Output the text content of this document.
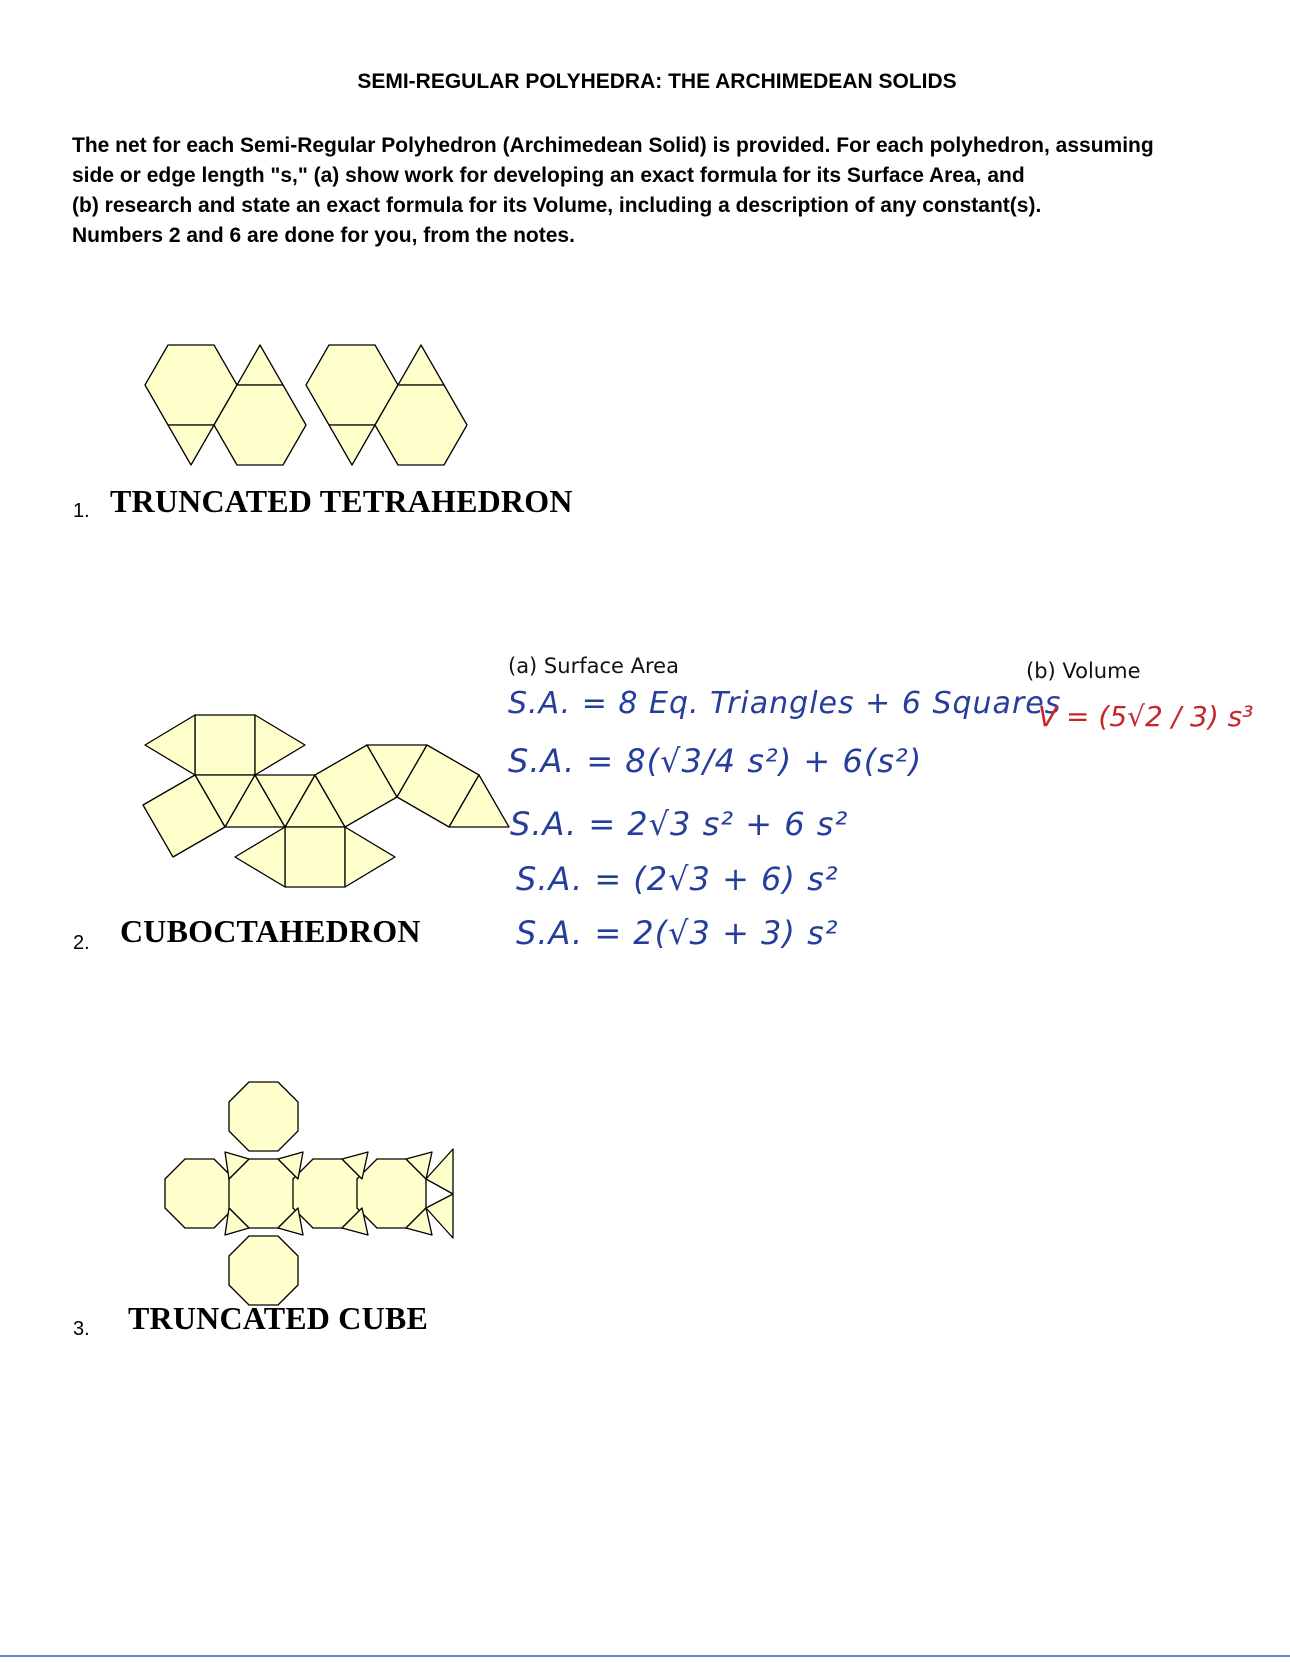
SEMI-REGULAR POLYHEDRA: THE ARCHIMEDEAN SOLIDS
The net for each Semi-Regular Polyhedron (Archimedean Solid) is provided. For each polyhedron, assuming
side or edge length "s," (a) show work for developing an exact formula for its Surface Area, and
(b) research and state an exact formula for its Volume, including a description of any constant(s).
Numbers 2 and 6 are done for you, from the notes.
1. TRUNCATED TETRAHEDRON
2. CUBOCTAHEDRON
(a) Surface Area	(b) Volume
S.A. = 8 Eq. Triangles + 6 Squares
S.A. = 8(√3/4 s²) + 6(s²)
S.A. = 2√3 s² + 6 s²
S.A. = (2√3 + 6) s²
S.A. = 2(√3 + 3) s²
V = (5√2 / 3) s³
3. TRUNCATED CUBE
